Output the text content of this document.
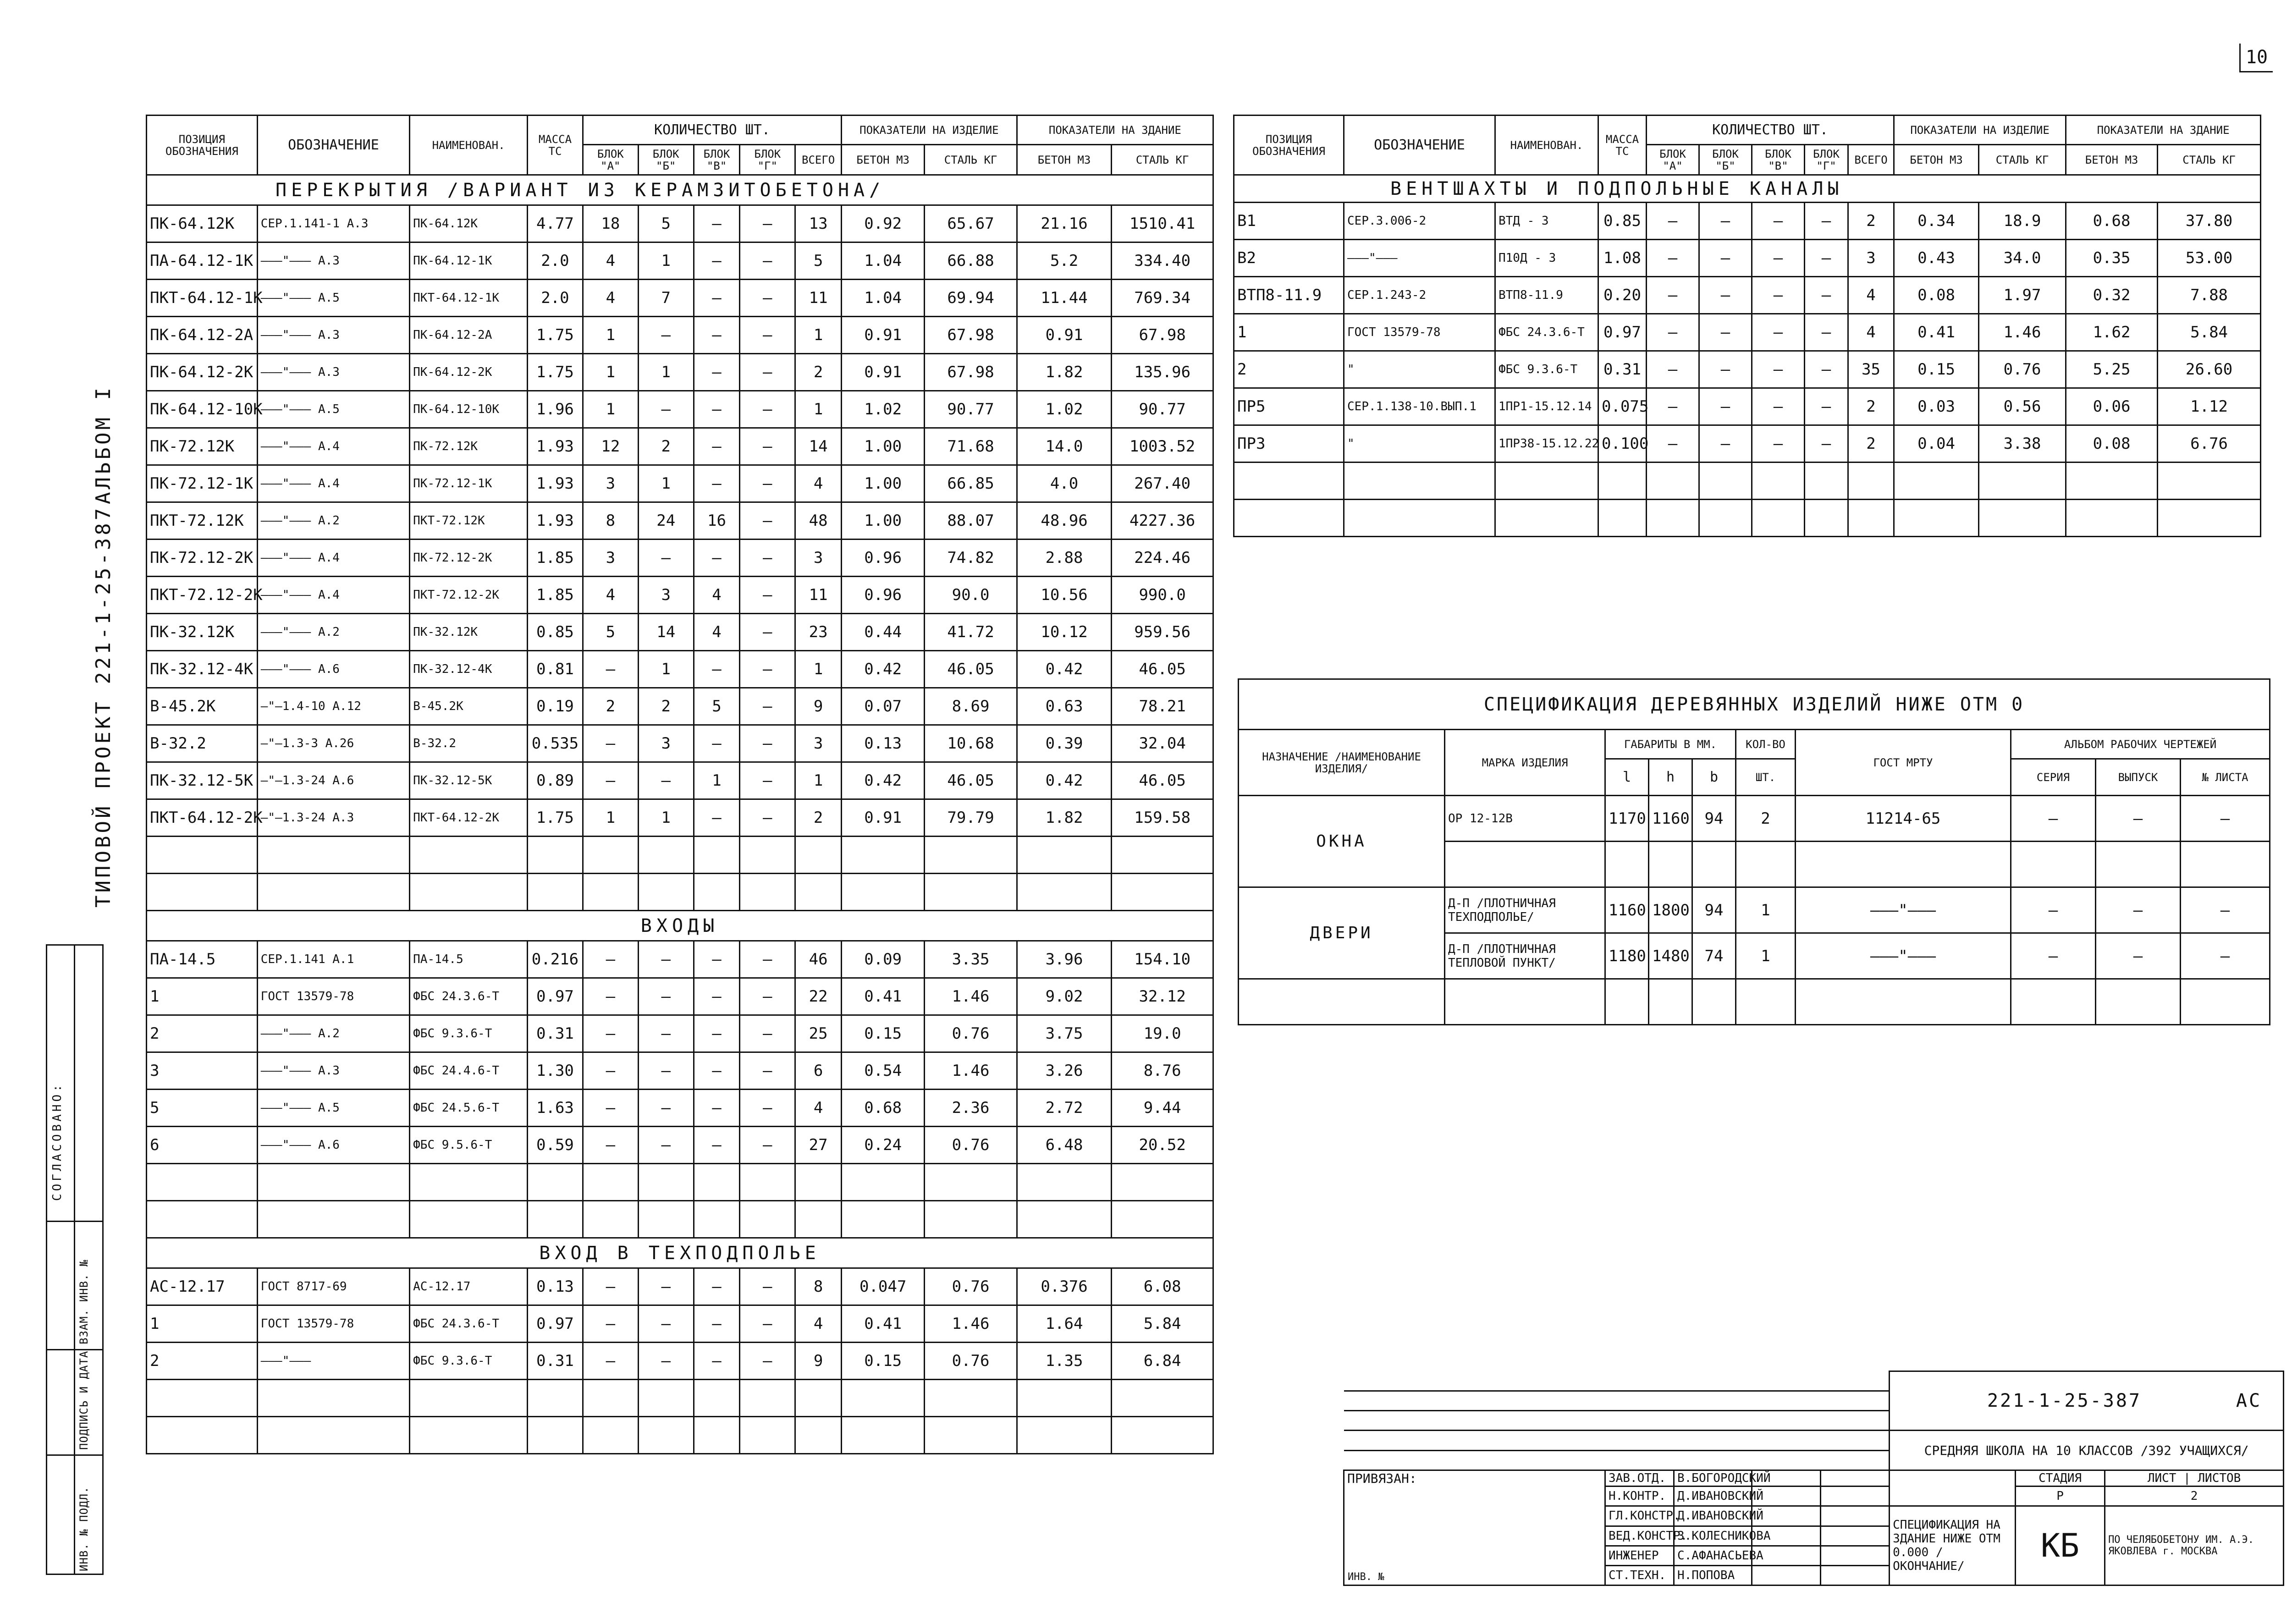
10
АЛЬБОМ I
ТИПОВОЙ ПРОЕКТ 221-1-25-387
СОГЛАСОВАНО:
ИНВ. № ПОДЛ.
ПОДПИСЬ И ДАТА
ВЗАМ. ИНВ. №
ПОЗИЦИЯ ОБОЗНАЧЕНИЯ	ОБОЗНАЧЕНИЕ	НАИМЕНОВАН.	МАССА ТС	КОЛИЧЕСТВО ШТ.					ПОКАЗАТЕЛИ НА ИЗДЕЛИЕ		ПОКАЗАТЕЛИ НА ЗДАНИЕ	
				БЛОК "А"	БЛОК "Б"	БЛОК "В"	БЛОК "Г"	ВСЕГО	БЕТОН М3	СТАЛЬ КГ	БЕТОН М3	СТАЛЬ КГ
ПЕРЕКРЫТИЯ /ВАРИАНТ ИЗ КЕРАМЗИТОБЕТОНА/												
ПК-64.12К	СЕР.1.141-1 А.3	ПК-64.12К	4.77	18	5	—	—	13	0.92	65.67	21.16	1510.41
ПА-64.12-1К	———"——— А.3	ПК-64.12-1К	2.0	4	1	—	—	5	1.04	66.88	5.2	334.40
ПКТ-64.12-1К	———"——— А.5	ПКТ-64.12-1К	2.0	4	7	—	—	11	1.04	69.94	11.44	769.34
ПК-64.12-2А	———"——— А.3	ПК-64.12-2А	1.75	1	—	—	—	1	0.91	67.98	0.91	67.98
ПК-64.12-2К	———"——— А.3	ПК-64.12-2К	1.75	1	1	—	—	2	0.91	67.98	1.82	135.96
ПК-64.12-10К	———"——— А.5	ПК-64.12-10К	1.96	1	—	—	—	1	1.02	90.77	1.02	90.77
ПК-72.12К	———"——— А.4	ПК-72.12К	1.93	12	2	—	—	14	1.00	71.68	14.0	1003.52
ПК-72.12-1К	———"——— А.4	ПК-72.12-1К	1.93	3	1	—	—	4	1.00	66.85	4.0	267.40
ПКТ-72.12К	———"——— А.2	ПКТ-72.12К	1.93	8	24	16	—	48	1.00	88.07	48.96	4227.36
ПК-72.12-2К	———"——— А.4	ПК-72.12-2К	1.85	3	—	—	—	3	0.96	74.82	2.88	224.46
ПКТ-72.12-2К	———"——— А.4	ПКТ-72.12-2К	1.85	4	3	4	—	11	0.96	90.0	10.56	990.0
ПК-32.12К	———"——— А.2	ПК-32.12К	0.85	5	14	4	—	23	0.44	41.72	10.12	959.56
ПК-32.12-4К	———"——— А.6	ПК-32.12-4К	0.81	—	1	—	—	1	0.42	46.05	0.42	46.05
В-45.2К	—"—1.4-10 А.12	В-45.2К	0.19	2	2	5	—	9	0.07	8.69	0.63	78.21
В-32.2	—"—1.3-3 А.26	В-32.2	0.535	—	3	—	—	3	0.13	10.68	0.39	32.04
ПК-32.12-5К	—"—1.3-24 А.6	ПК-32.12-5К	0.89	—	—	1	—	1	0.42	46.05	0.42	46.05
ПКТ-64.12-2К	—"—1.3-24 А.3	ПКТ-64.12-2К	1.75	1	1	—	—	2	0.91	79.79	1.82	159.58

ВХОДЫ												
ПА-14.5	СЕР.1.141 А.1	ПА-14.5	0.216	—	—	—	—	46	0.09	3.35	3.96	154.10
1	ГОСТ 13579-78	ФБС 24.3.6-Т	0.97	—	—	—	—	22	0.41	1.46	9.02	32.12
2	———"——— А.2	ФБС 9.3.6-Т	0.31	—	—	—	—	25	0.15	0.76	3.75	19.0
3	———"——— А.3	ФБС 24.4.6-Т	1.30	—	—	—	—	6	0.54	1.46	3.26	8.76
5	———"——— А.5	ФБС 24.5.6-Т	1.63	—	—	—	—	4	0.68	2.36	2.72	9.44
6	———"——— А.6	ФБС 9.5.6-Т	0.59	—	—	—	—	27	0.24	0.76	6.48	20.52

ВХОД В ТЕХПОДПОЛЬЕ												
АС-12.17	ГОСТ 8717-69	АС-12.17	0.13	—	—	—	—	8	0.047	0.76	0.376	6.08
1	ГОСТ 13579-78	ФБС 24.3.6-Т	0.97	—	—	—	—	4	0.41	1.46	1.64	5.84
2	———"———	ФБС 9.3.6-Т	0.31	—	—	—	—	9	0.15	0.76	1.35	6.84

ПОЗИЦИЯ ОБОЗНАЧЕНИЯ	ОБОЗНАЧЕНИЕ	НАИМЕНОВАН.	МАССА ТС	КОЛИЧЕСТВО ШТ.					ПОКАЗАТЕЛИ НА ИЗДЕЛИЕ		ПОКАЗАТЕЛИ НА ЗДАНИЕ	
				БЛОК "А"	БЛОК "Б"	БЛОК "В"	БЛОК "Г"	ВСЕГО	БЕТОН М3	СТАЛЬ КГ	БЕТОН М3	СТАЛЬ КГ
ВЕНТШАХТЫ И ПОДПОЛЬНЫЕ КАНАЛЫ												
В1	СЕР.3.006-2	ВТД - 3	0.85	—	—	—	—	2	0.34	18.9	0.68	37.80
В2	———"———	П10Д - 3	1.08	—	—	—	—	3	0.43	34.0	0.35	53.00
ВТП8-11.9	СЕР.1.243-2	ВТП8-11.9	0.20	—	—	—	—	4	0.08	1.97	0.32	7.88
1	ГОСТ 13579-78	ФБС 24.3.6-Т	0.97	—	—	—	—	4	0.41	1.46	1.62	5.84
2	"	ФБС 9.3.6-Т	0.31	—	—	—	—	35	0.15	0.76	5.25	26.60
ПР5	СЕР.1.138-10.ВЫП.1	1ПР1-15.12.14	0.075	—	—	—	—	2	0.03	0.56	0.06	1.12
ПР3	"	1ПР38-15.12.22	0.100	—	—	—	—	2	0.04	3.38	0.08	6.76

СПЕЦИФИКАЦИЯ ДЕРЕВЯННЫХ ИЗДЕЛИЙ НИЖЕ ОТМ 0									
НАЗНАЧЕНИЕ /НАИМЕНОВАНИЕ ИЗДЕЛИЯ/	МАРКА ИЗДЕЛИЯ	ГАБАРИТЫ В ММ.			КОЛ-ВО	ГОСТ МРТУ	АЛЬБОМ РАБОЧИХ ЧЕРТЕЖЕЙ		
		l	h	b	ШТ.		СЕРИЯ	ВЫПУСК	№ ЛИСТА
ОКНА	ОР 12-12В	1170	1160	94	2	11214-65	—	—	—

ДВЕРИ	Д-П /ПЛОТНИЧНАЯ ТЕХПОДПОЛЬЕ/	1160	1800	94	1	———"———	—	—	—
	Д-П /ПЛОТНИЧНАЯ ТЕПЛОВОЙ ПУНКТ/	1180	1480	74	1	———"———	—	—	—

					221-1-25-387 АС		

					СРЕДНЯЯ ШКОЛА НА 10 КЛАССОВ /392 УЧАЩИХСЯ/		

ПРИВЯЗАН:	ЗАВ.ОТД.	В.БОГОРОДСКИЙ				СТАДИЯ	ЛИСТ | ЛИСТОВ
	Н.КОНТР.	Д.ИВАНОВСКИЙ				Р	2
	ГЛ.КОНСТР.	Д.ИВАНОВСКИЙ			СПЕЦИФИКАЦИЯ НА ЗДАНИЕ НИЖЕ ОТМ 0.000 /ОКОНЧАНИЕ/	КБ	ПО ЧЕЛЯБОБЕТОНУ ИМ. А.Э. ЯКОВЛЕВА г. МОСКВА
	ВЕД.КОНСТР.	З.КОЛЕСНИКОВА					
	ИНЖЕНЕР	С.АФАНАСЬЕВА					
	СТ.ТЕХН.	Н.ПОПОВА					
ИНВ. №
